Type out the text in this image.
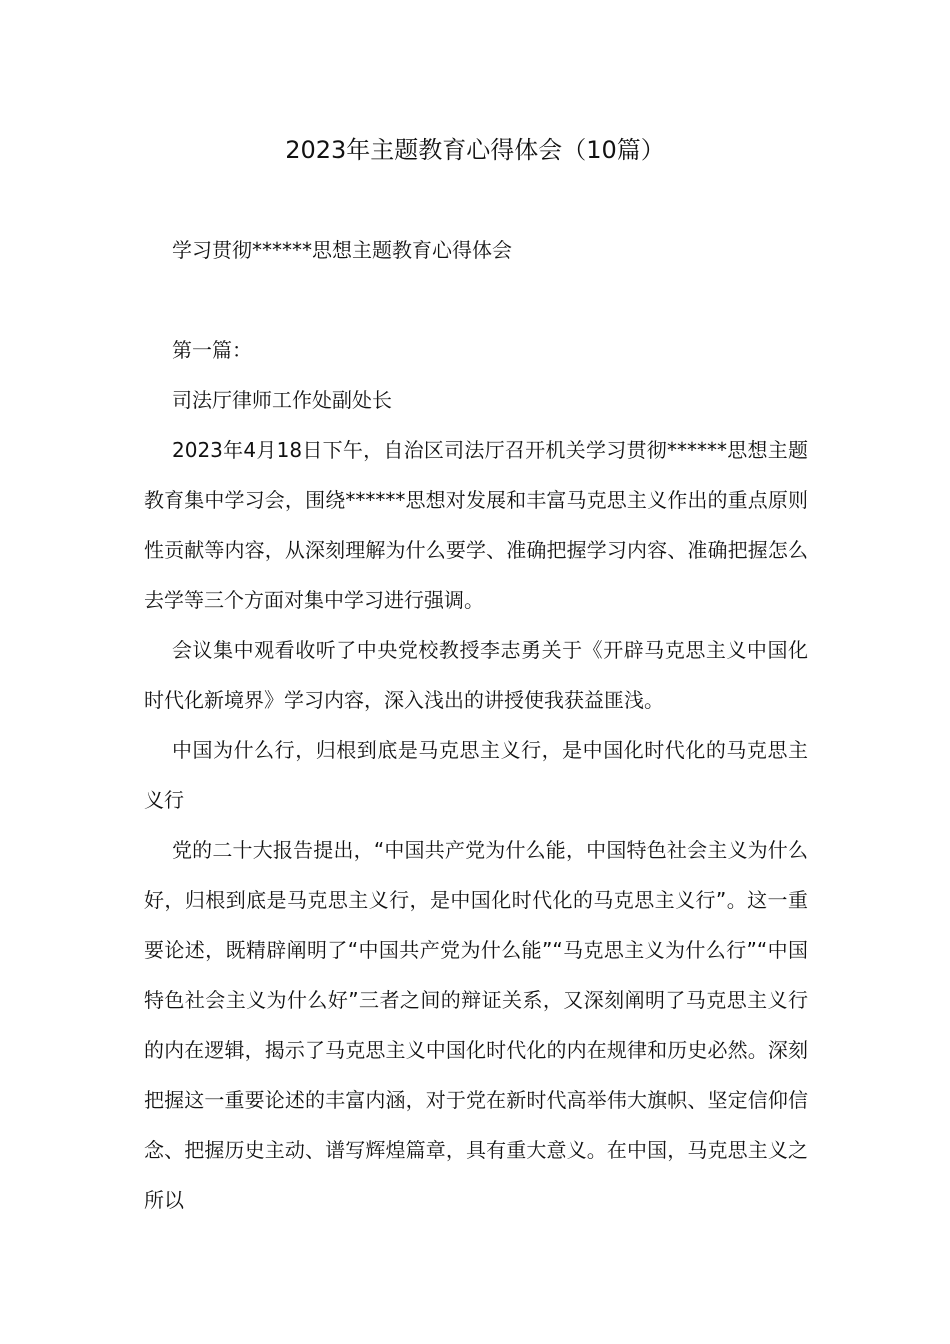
2023年主题教育心得体会（10篇）
学习贯彻******思想主题教育心得体会
第一篇：
司法厅律师工作处副处长

2023年4月18日下午，自治区司法厅召开机关学习贯彻******思想主题教育集中学习会，围绕******思想对发展和丰富马克思主义作出的重点原则性贡献等内容，从深刻理解为什么要学、准确把握学习内容、准确把握怎么去学等三个方面对集中学习进行强调。

会议集中观看收听了中央党校教授李志勇关于《开辟马克思主义中国化时代化新境界》学习内容，深入浅出的讲授使我获益匪浅。

中国为什么行，归根到底是马克思主义行，是中国化时代化的马克思主义行

党的二十大报告提出，“中国共产党为什么能，中国特色社会主义为什么好，归根到底是马克思主义行，是中国化时代化的马克思主义行”。这一重要论述，既精辟阐明了“中国共产党为什么能”“马克思主义为什么行”“中国特色社会主义为什么好”三者之间的辩证关系，又深刻阐明了马克思主义行的内在逻辑，揭示了马克思主义中国化时代化的内在规律和历史必然。深刻把握这一重要论述的丰富内涵，对于党在新时代高举伟大旗帜、坚定信仰信念、把握历史主动、谱写辉煌篇章，具有重大意义。在中国，马克思主义之所以
